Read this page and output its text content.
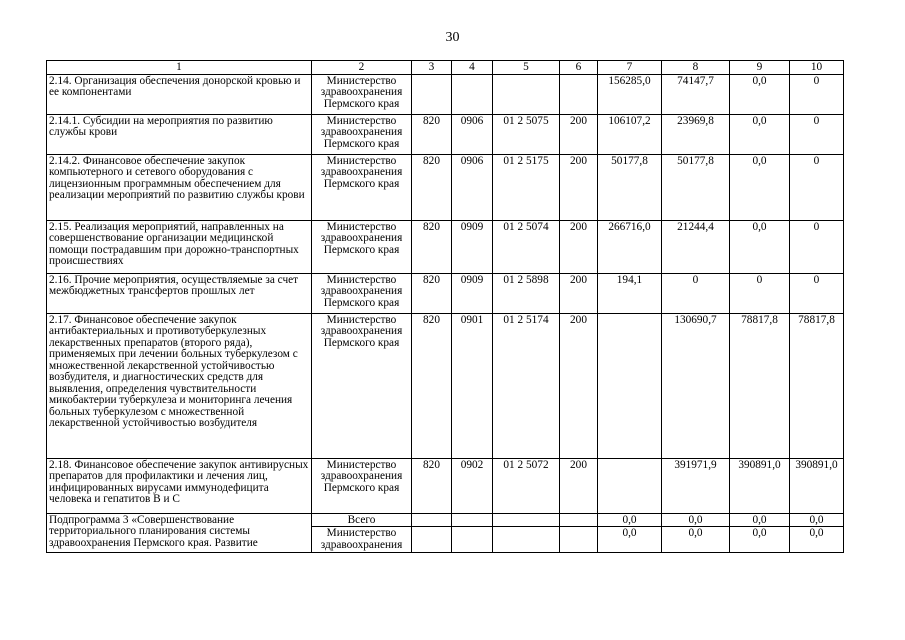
30
1	2	3	4	5	6	7	8	9	10
2.14. Организация обеспечения донорской кровью и ее компонентами	Министерство здравоохранения Пермского края					156285,0	74147,7	0,0	0
2.14.1. Субсидии на мероприятия по развитию службы крови	Министерство здравоохранения Пермского края	820	0906	01 2 5075	200	106107,2	23969,8	0,0	0
2.14.2. Финансовое обеспечение закупок компьютерного и сетевого оборудования с лицензионным программным обеспечением для реализации мероприятий по развитию службы крови	Министерство здравоохранения Пермского края	820	0906	01 2 5175	200	50177,8	50177,8	0,0	0
2.15. Реализация мероприятий, направленных на совершенствование организации медицинской помощи пострадавшим при дорожно-транспортных происшествиях	Министерство здравоохранения Пермского края	820	0909	01 2 5074	200	266716,0	21244,4	0,0	0
2.16. Прочие мероприятия, осуществляемые за счет межбюджетных трансфертов прошлых лет	Министерство здравоохранения Пермского края	820	0909	01 2 5898	200	194,1	0	0	0
2.17. Финансовое обеспечение закупок антибактериальных и противотуберкулезных лекарственных препаратов (второго ряда), применяемых при лечении больных туберкулезом с множественной лекарственной устойчивостью возбудителя, и диагностических средств для выявления, определения чувствительности микобактерии туберкулеза и мониторинга лечения больных туберкулезом с множественной лекарственной устойчивостью возбудителя	Министерство здравоохранения Пермского края	820	0901	01 2 5174	200		130690,7	78817,8	78817,8
2.18. Финансовое обеспечение закупок антивирусных препаратов для профилактики и лечения лиц, инфицированных вирусами иммунодефицита человека и гепатитов В и С	Министерство здравоохранения Пермского края	820	0902	01 2 5072	200		391971,9	390891,0	390891,0
Подпрограмма 3 «Совершенствование территориального планирования системы здравоохранения Пермского края. Развитие	Всего					0,0	0,0	0,0	0,0
	Министерство здравоохранения					0,0	0,0	0,0	0,0
